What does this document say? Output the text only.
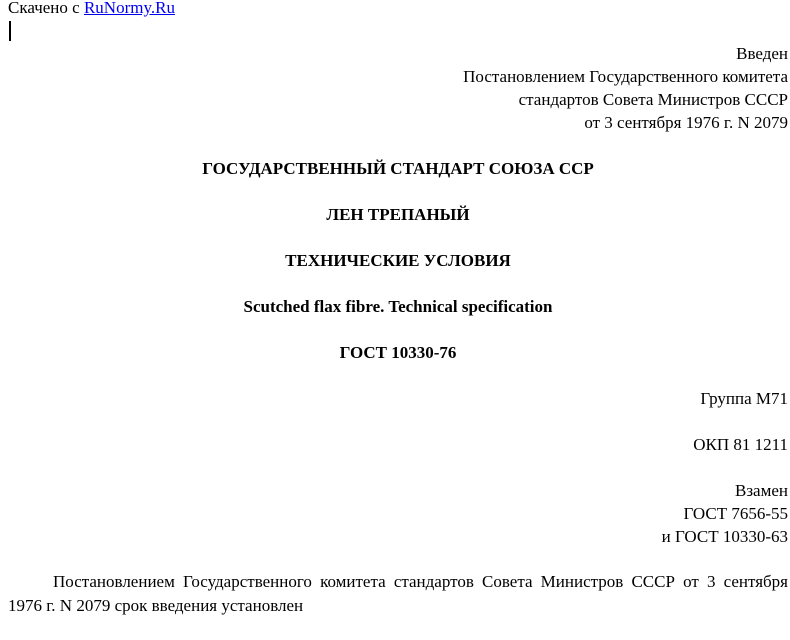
Скачено с RuNormy.Ru
Введен
Постановлением Государственного комитета
стандартов Совета Министров СССР
от 3 сентября 1976 г. N 2079
ГОСУДАРСТВЕННЫЙ СТАНДАРТ СОЮЗА ССР
ЛЕН ТРЕПАНЫЙ
ТЕХНИЧЕСКИЕ УСЛОВИЯ
Scutched flax fibre. Technical specification
ГОСТ 10330-76
Группа М71
ОКП 81 1211
Взамен
ГОСТ 7656-55
и ГОСТ 10330-63
Постановлением Государственного комитета стандартов Совета Министров СССР от 3 сентября 1976 г. N 2079 срок введения установлен
